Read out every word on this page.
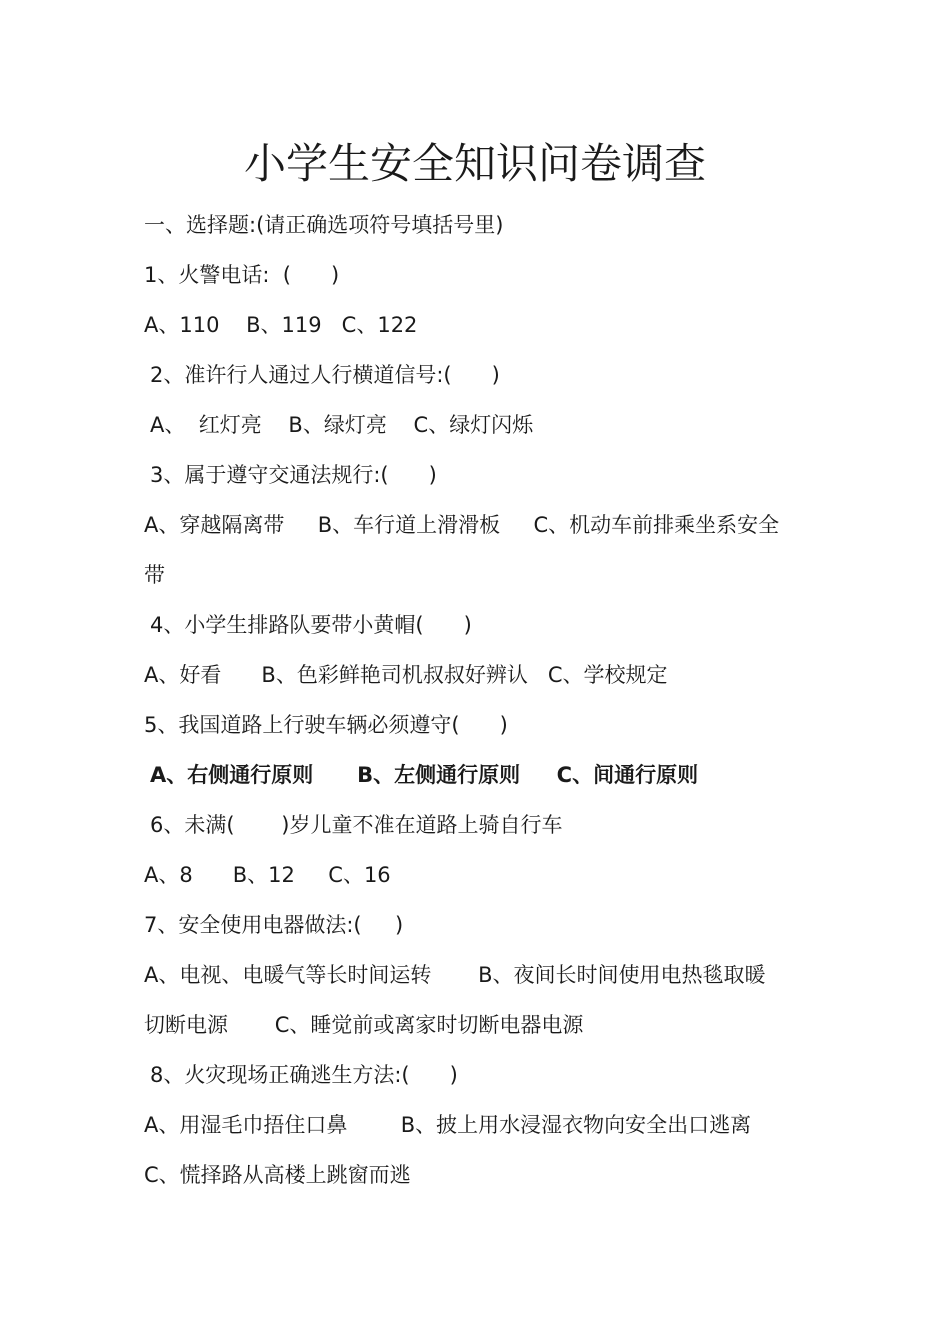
小学生安全知识问卷调查
一、选择题:(请正确选项符号填括号里)
1、火警电话:  (      )
A、110    B、119   C、122
2、准许行人通过人行横道信号:(      )
A、  红灯亮    B、绿灯亮    C、绿灯闪烁
3、属于遵守交通法规行:(      )
A、穿越隔离带     B、车行道上滑滑板     C、机动车前排乘坐系安全
带
4、小学生排路队要带小黄帽(      )
A、好看      B、色彩鲜艳司机叔叔好辨认   C、学校规定
5、我国道路上行驶车辆必须遵守(      )
A、右侧通行原则      B、左侧通行原则     C、间通行原则
6、未满(       )岁儿童不准在道路上骑自行车
A、8      B、12     C、16
7、安全使用电器做法:(     )
A、电视、电暖气等长时间运转       B、夜间长时间使用电热毯取暖
切断电源       C、睡觉前或离家时切断电器电源
8、火灾现场正确逃生方法:(      )
A、用湿毛巾捂住口鼻        B、披上用水浸湿衣物向安全出口逃离
C、慌择路从高楼上跳窗而逃
